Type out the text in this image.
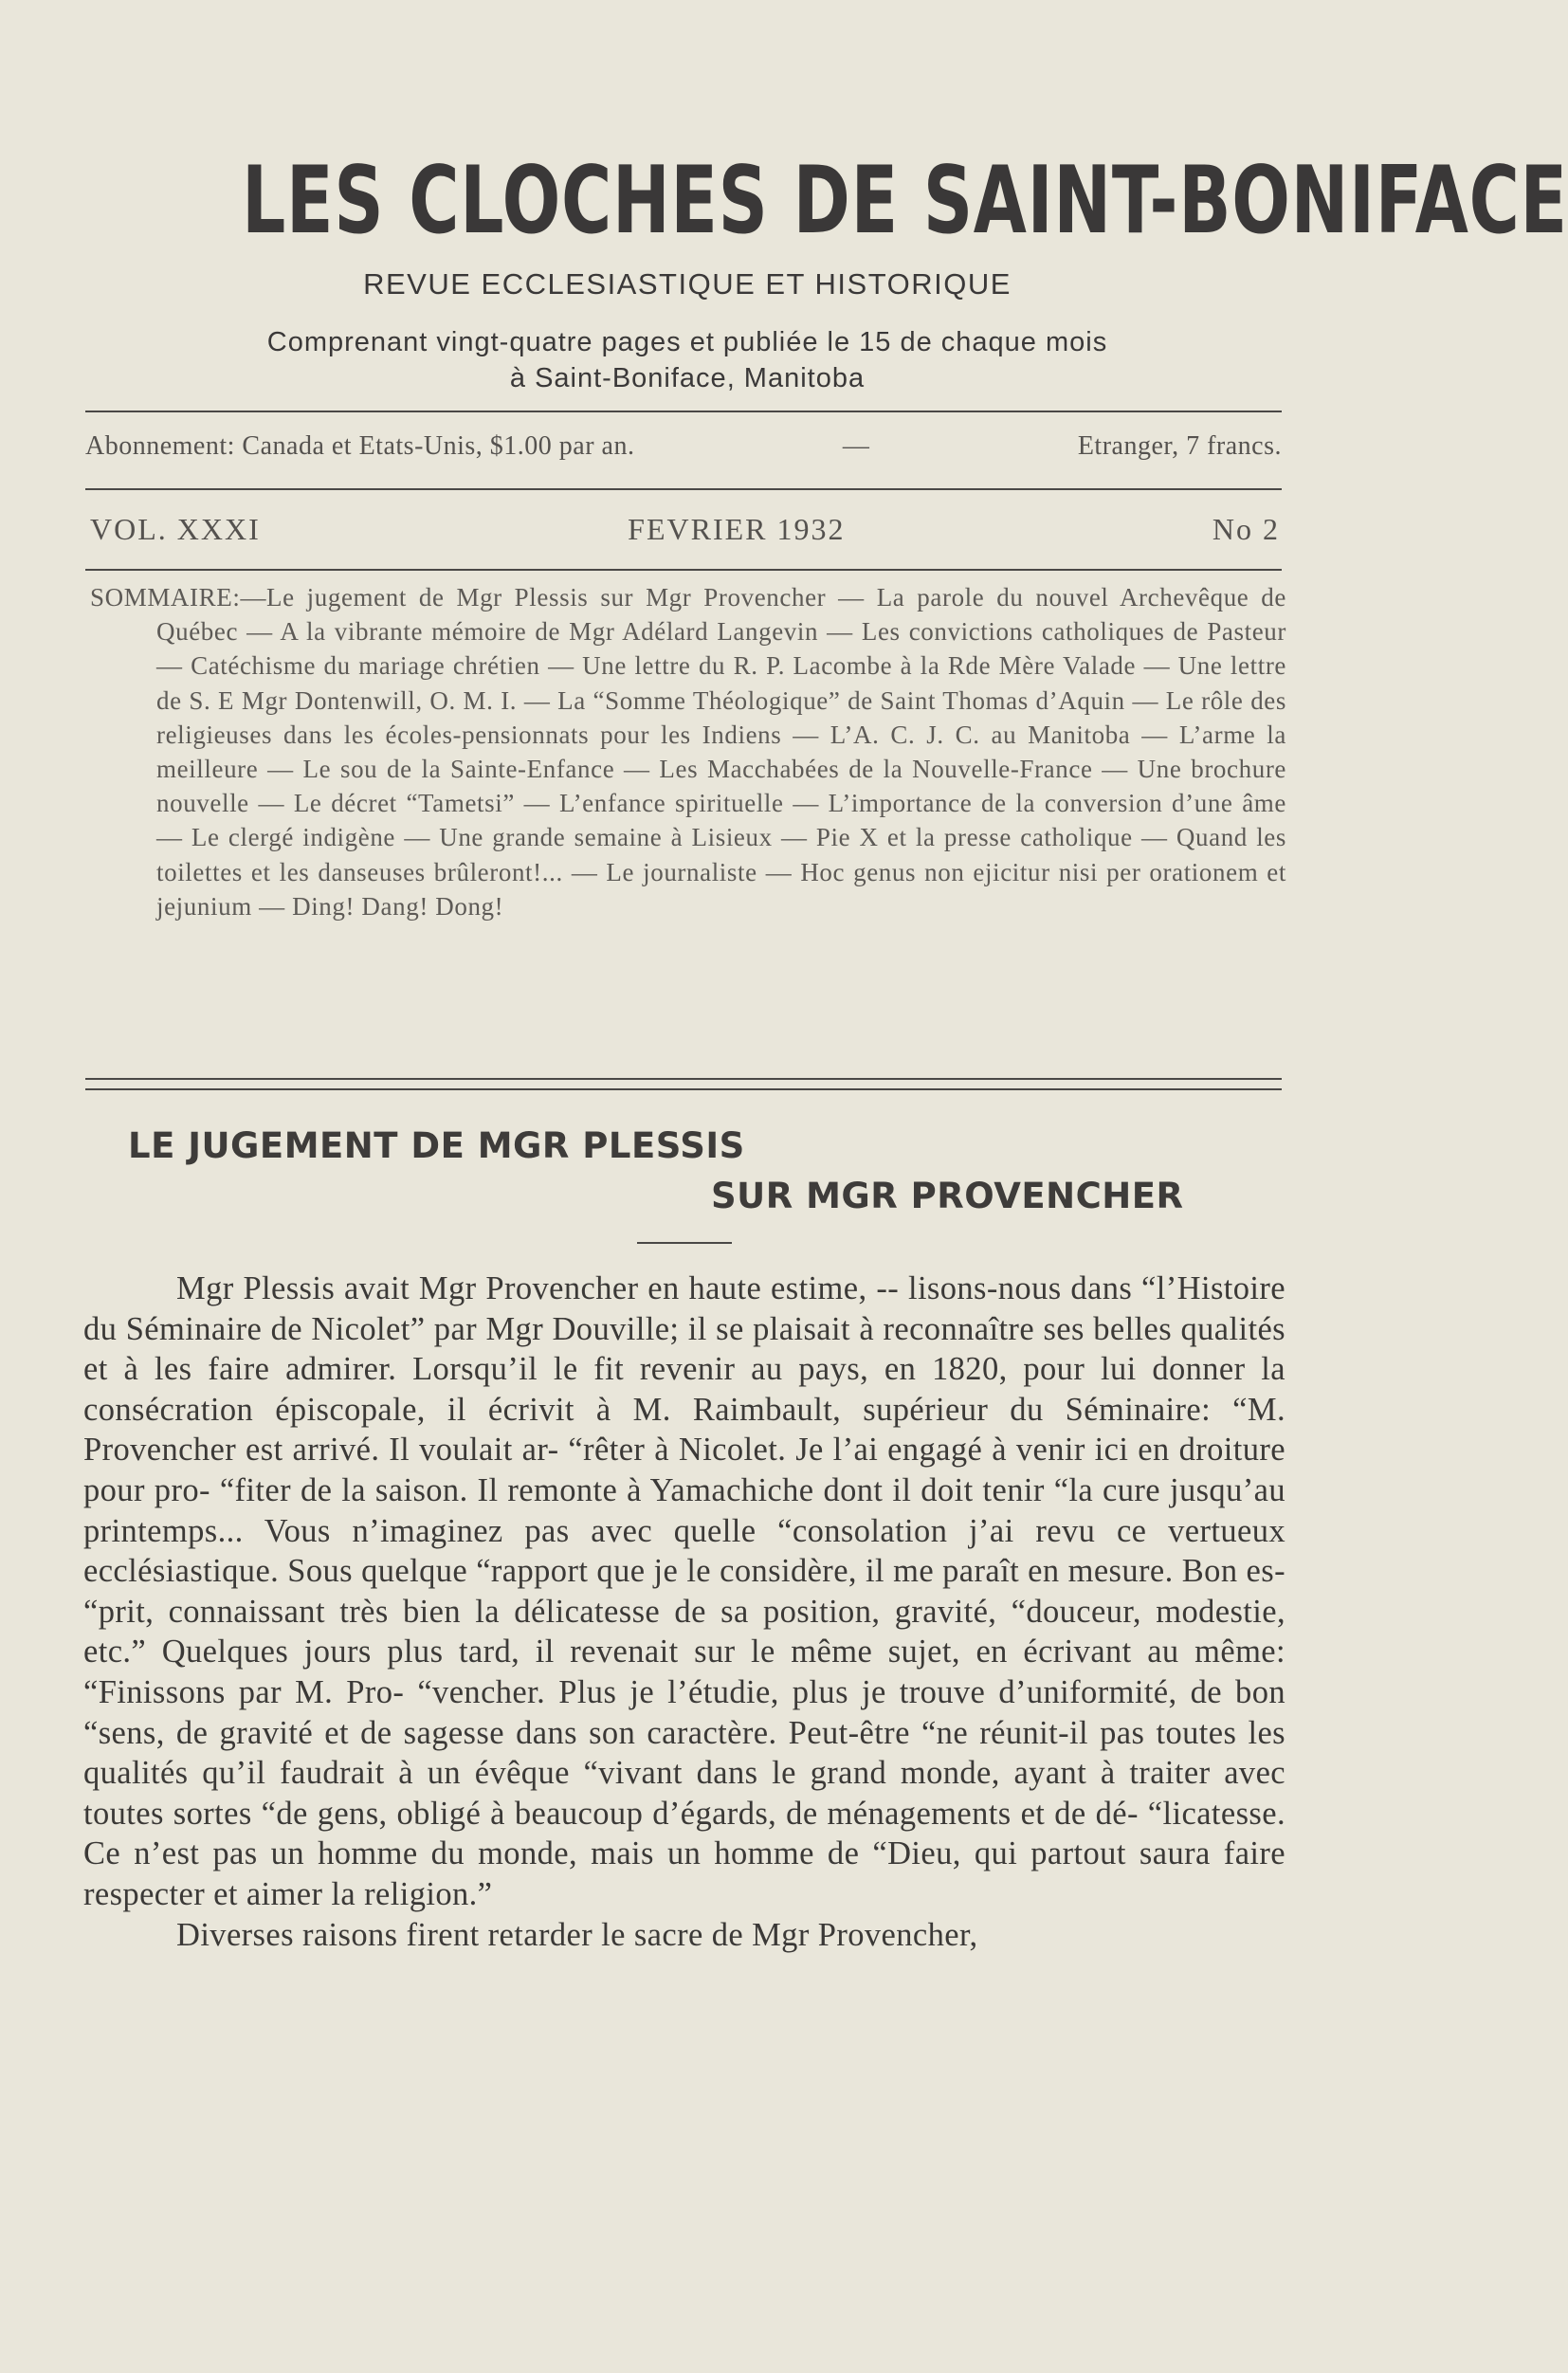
LES CLOCHES DE SAINT-BONIFACE
REVUE ECCLESIASTIQUE ET HISTORIQUE
Comprenant vingt-quatre pages et publiée le 15 de chaque mois
à Saint-Boniface, Manitoba
Abonnement: Canada et Etats-Unis, $1.00 par an.	—	Etranger, 7 francs.
VOL. XXXI	FEVRIER 1932	No 2
SOMMAIRE:—Le jugement de Mgr Plessis sur Mgr Provencher — La parole du nouvel Archevêque de Québec — A la vibrante mémoire de Mgr Adélard Langevin — Les convictions catholiques de Pasteur — Catéchisme du mariage chrétien — Une lettre du R. P. Lacombe à la Rde Mère Valade — Une lettre de S. E Mgr Dontenwill, O. M. I. — La “Somme Théologique” de Saint Thomas d’Aquin — Le rôle des religieuses dans les écoles-pensionnats pour les Indiens — L’A. C. J. C. au Manitoba — L’arme la meilleure — Le sou de la Sainte-Enfance — Les Macchabées de la Nouvelle-France — Une brochure nouvelle — Le décret “Tametsi” — L’enfance spirituelle — L’importance de la conversion d’une âme — Le clergé indigène — Une grande semaine à Lisieux — Pie X et la presse catholique — Quand les toilettes et les danseuses brûleront!... — Le journaliste — Hoc genus non ejicitur nisi per orationem et jejunium — Ding! Dang! Dong!
LE JUGEMENT DE MGR PLESSIS
SUR MGR PROVENCHER

Mgr Plessis avait Mgr Provencher en haute estime, -- lisons-nous dans “l’Histoire du Séminaire de Nicolet” par Mgr Douville; il se plaisait à reconnaître ses belles qualités et à les faire admirer. Lorsqu’il le fit revenir au pays, en 1820, pour lui donner la consécration épiscopale, il écrivit à M. Raimbault, supérieur du Séminaire: “M. Provencher est arrivé. Il voulait ar- “rêter à Nicolet. Je l’ai engagé à venir ici en droiture pour pro- “fiter de la saison. Il remonte à Yamachiche dont il doit tenir “la cure jusqu’au printemps... Vous n’imaginez pas avec quelle “consolation j’ai revu ce vertueux ecclésiastique. Sous quelque “rapport que je le considère, il me paraît en mesure. Bon es- “prit, connaissant très bien la délicatesse de sa position, gravité, “douceur, modestie, etc.” Quelques jours plus tard, il revenait sur le même sujet, en écrivant au même: “Finissons par M. Pro- “vencher. Plus je l’étudie, plus je trouve d’uniformité, de bon “sens, de gravité et de sagesse dans son caractère. Peut-être “ne réunit-il pas toutes les qualités qu’il faudrait à un évêque “vivant dans le grand monde, ayant à traiter avec toutes sortes “de gens, obligé à beaucoup d’égards, de ménagements et de dé- “licatesse. Ce n’est pas un homme du monde, mais un homme de “Dieu, qui partout saura faire respecter et aimer la religion.”

Diverses raisons firent retarder le sacre de Mgr Provencher,
